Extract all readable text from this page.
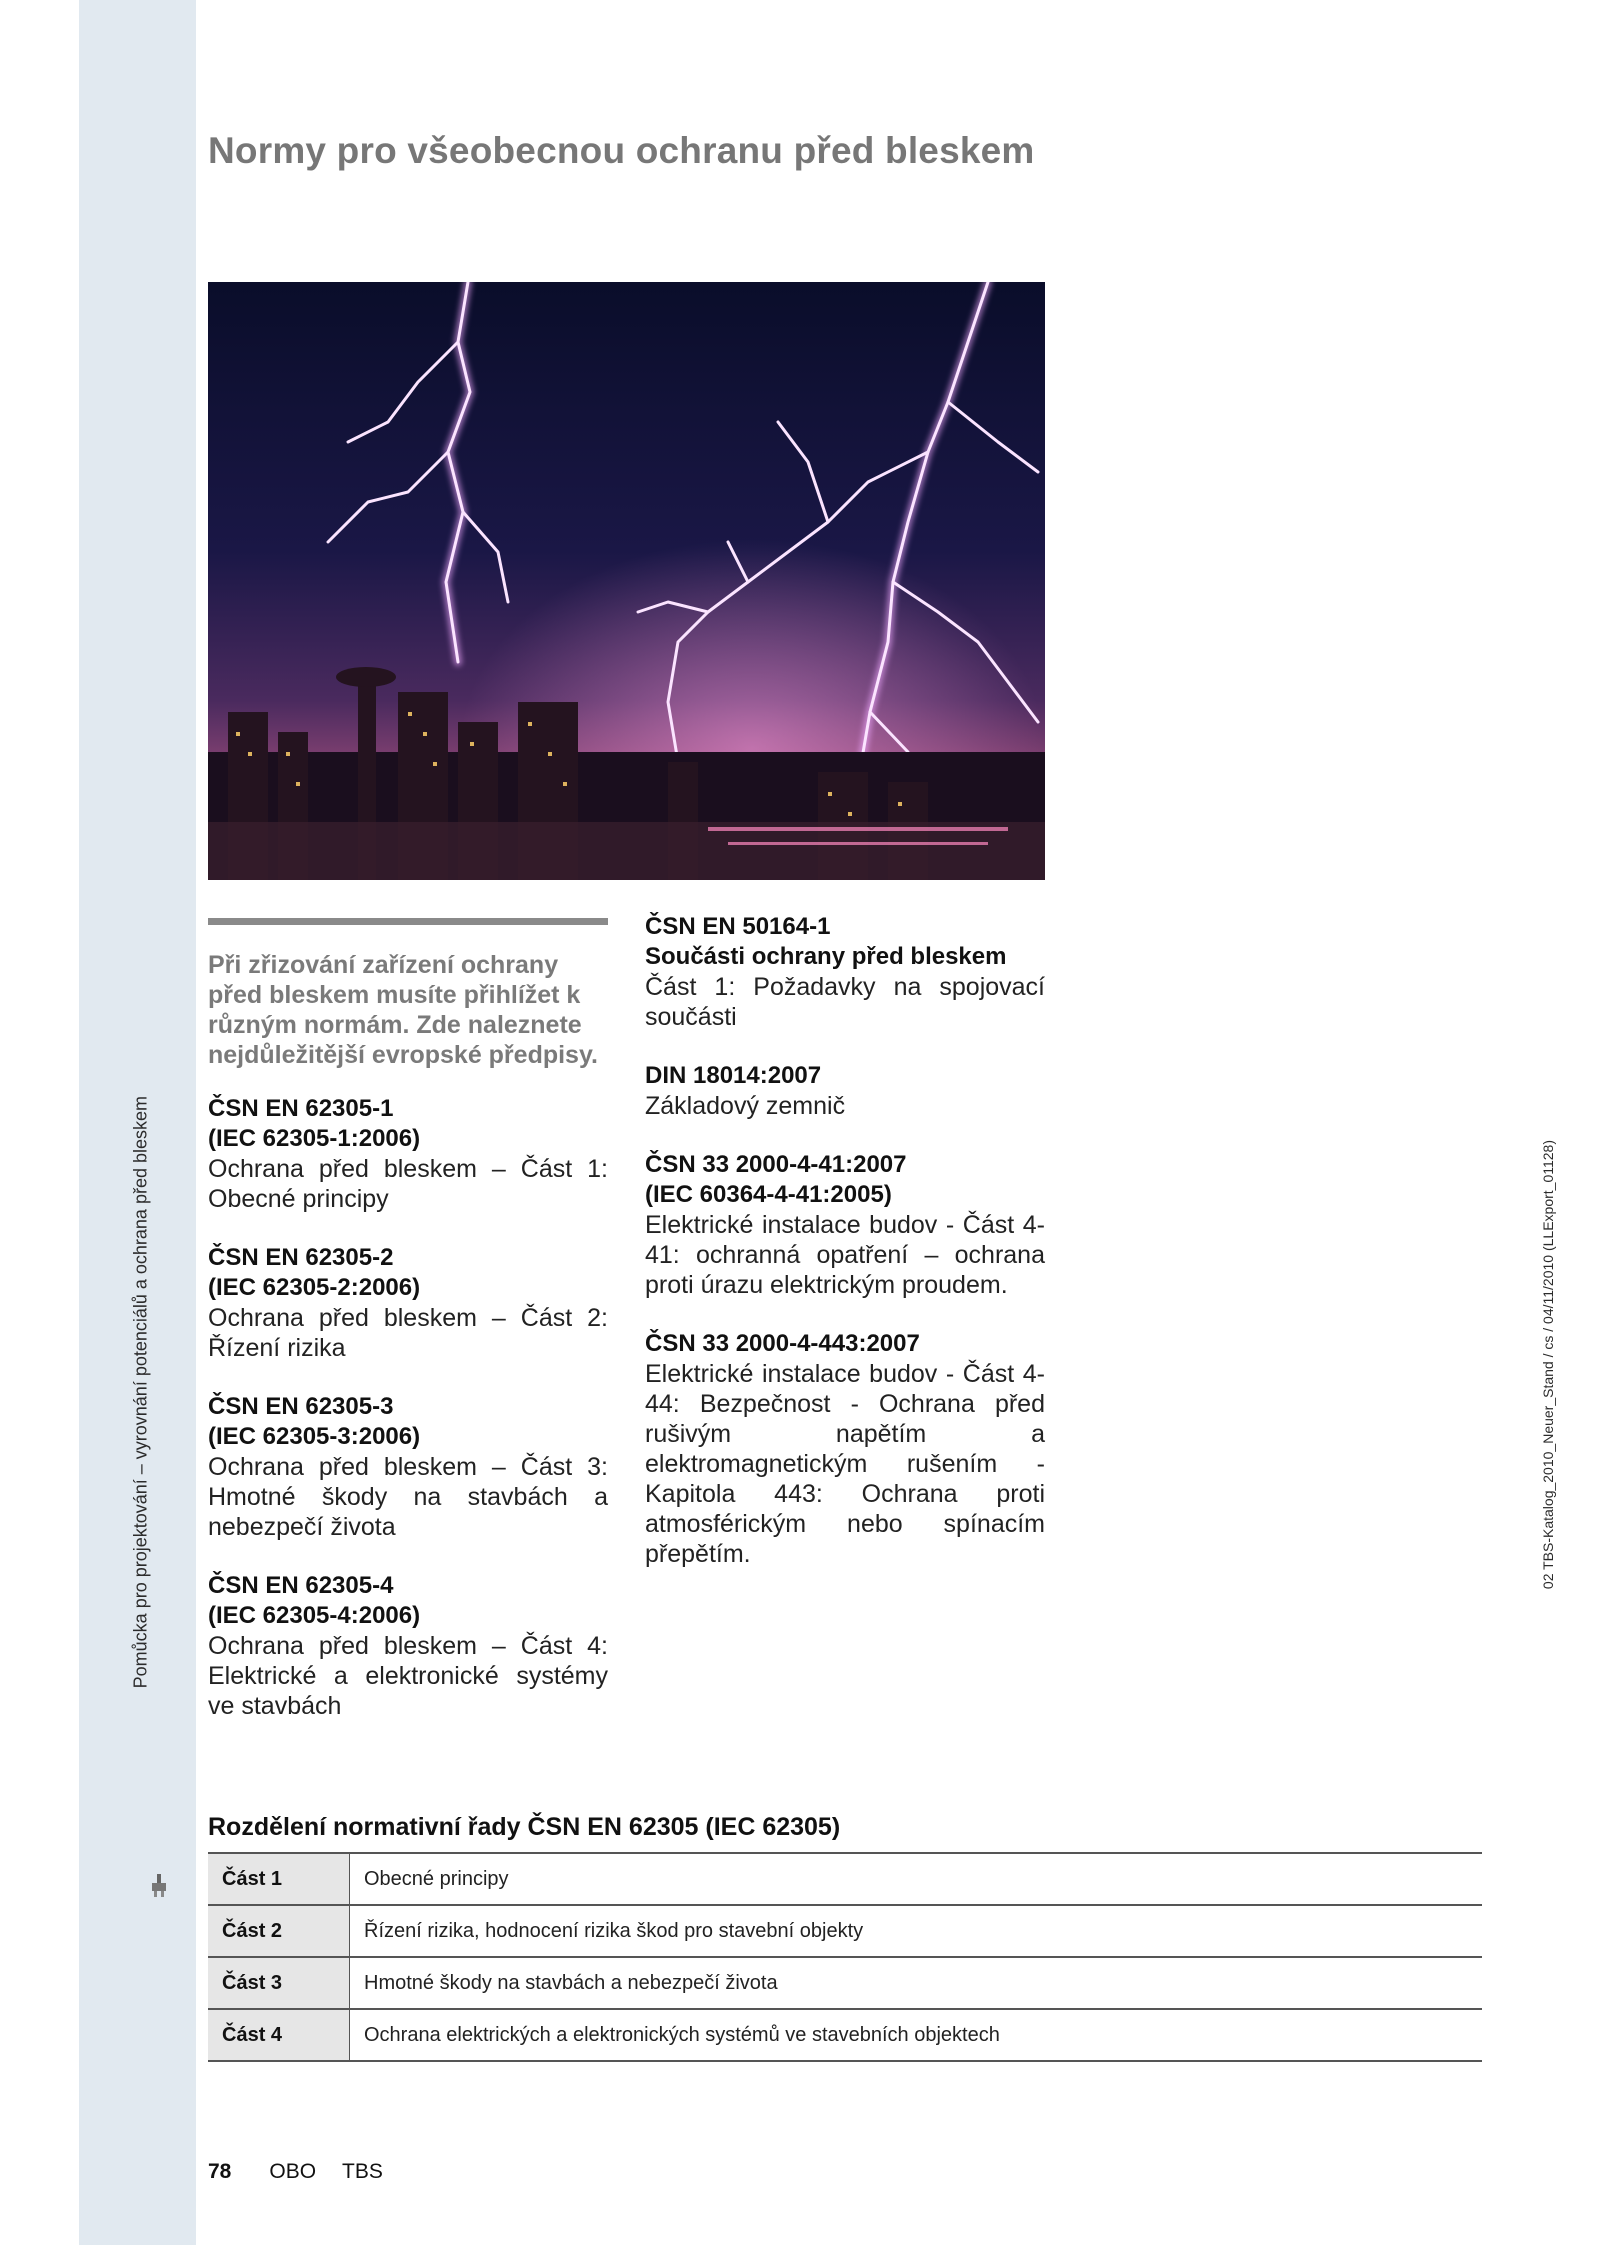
Pomůcka pro projektování – vyrovnání potenciálů a ochrana před bleskem	02 TBS-Katalog_2010_Neuer_Stand / cs / 04/11/2010 (LLExport_01128)
Normy pro všeobecnou ochranu před bleskem
Při zřizování zařízení ochrany před bleskem musíte přihlížet k různým normám. Zde naleznete nejdůležitější evropské předpisy.
ČSN EN 62305-1
(IEC 62305-1:2006)
Ochrana před bleskem – Část 1: Obecné principy
ČSN EN 62305-2
(IEC 62305-2:2006)
Ochrana před bleskem – Část 2: Řízení rizika
ČSN EN 62305-3
(IEC 62305-3:2006)
Ochrana před bleskem – Část 3: Hmotné škody na stavbách a nebezpečí života
ČSN EN 62305-4
(IEC 62305-4:2006)
Ochrana před bleskem – Část 4: Elektrické a elektronické systémy ve stavbách
ČSN EN 50164-1
Součásti ochrany před bleskem
Část 1: Požadavky na spojovací součásti
DIN 18014:2007
Základový zemnič
ČSN 33 2000-4-41:2007
(IEC 60364-4-41:2005)
Elektrické instalace budov - Část 4-41: ochranná opatření – ochrana proti úrazu elektrickým proudem.
ČSN 33 2000-4-443:2007
Elektrické instalace budov - Část 4-44: Bezpečnost - Ochrana před rušivým napětím a elektromagnetickým rušením - Kapitola 443: Ochrana proti atmosférickým nebo spínacím přepětím.
Rozdělení normativní řady ČSN EN 62305 (IEC 62305)
Část 1	Obecné principy
Část 2	Řízení rizika, hodnocení rizika škod pro stavební objekty
Část 3	Hmotné škody na stavbách a nebezpečí života
Část 4	Ochrana elektrických a elektronických systémů ve stavebních objektech
78 OBO TBS
